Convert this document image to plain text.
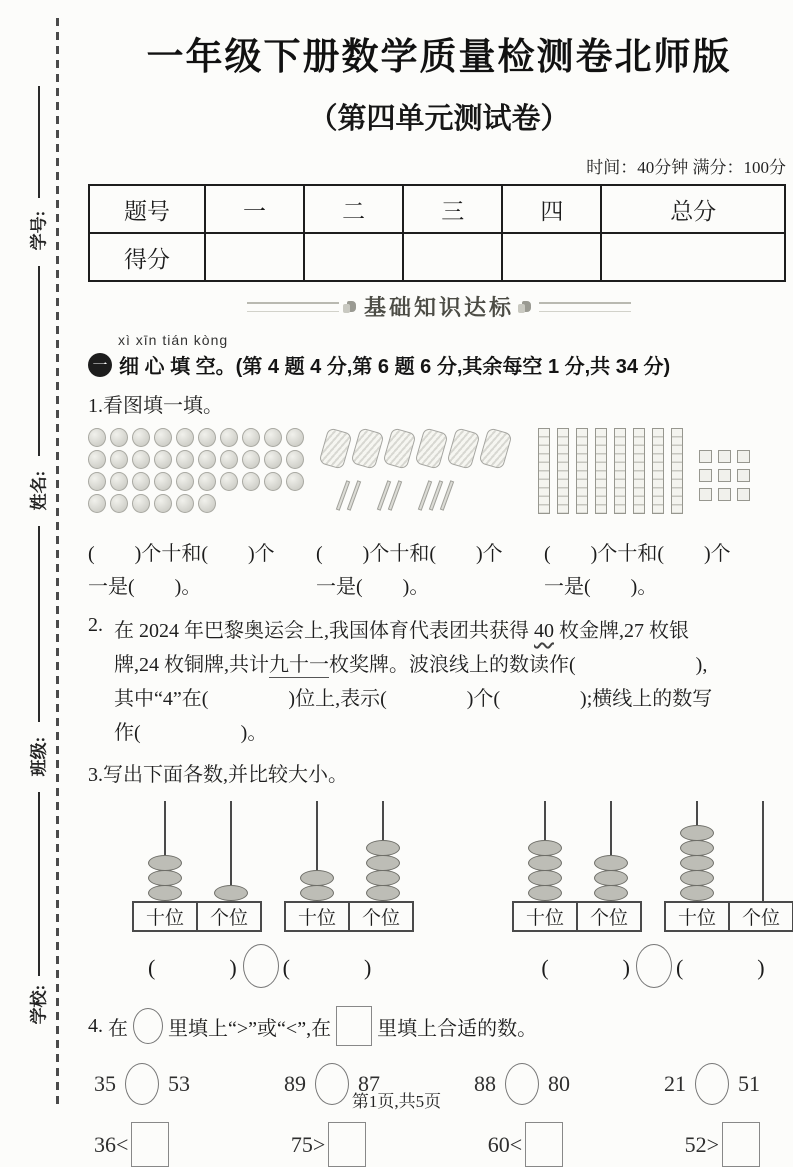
学号:
姓名:
班级:
学校:
一年级下册数学质量检测卷北师版
（第四单元测试卷）
时间：40分钟 满分：100分
题号	一	二	三	四	总分
得分					
基础知识达标
xì xīn tián kòng
一 细 心 填 空。(第 4 题 4 分,第 6 题 6 分,其余每空 1 分,共 34 分)
1.看图填一填。
(　　)个十和(　　)个
一是(　　)。
(　　)个十和(　　)个
一是(　　)。
(　　)个十和(　　)个
一是(　　)。
2. 在 2024 年巴黎奥运会上,我国体育代表团共获得 40 枚金牌,27 枚银
牌,24 枚铜牌,共计九十一枚奖牌。波浪线上的数读作(　　　　　　),
其中“4”在(　　　　)位上,表示(　　　　)个(　　　　);横线上的数写
作(　　　　　)。
3.写出下面各数,并比较大小。
十位	个位	十位	个位	十位	个位	十位	个位
(　　　) (　　　)	(　　　) (　　　)
4. 在 里填上“>”或“<”,在 里填上合适的数。
35 53	89 87	88 80	21 51
36<	75>	60<	52>
第1页,共5页
